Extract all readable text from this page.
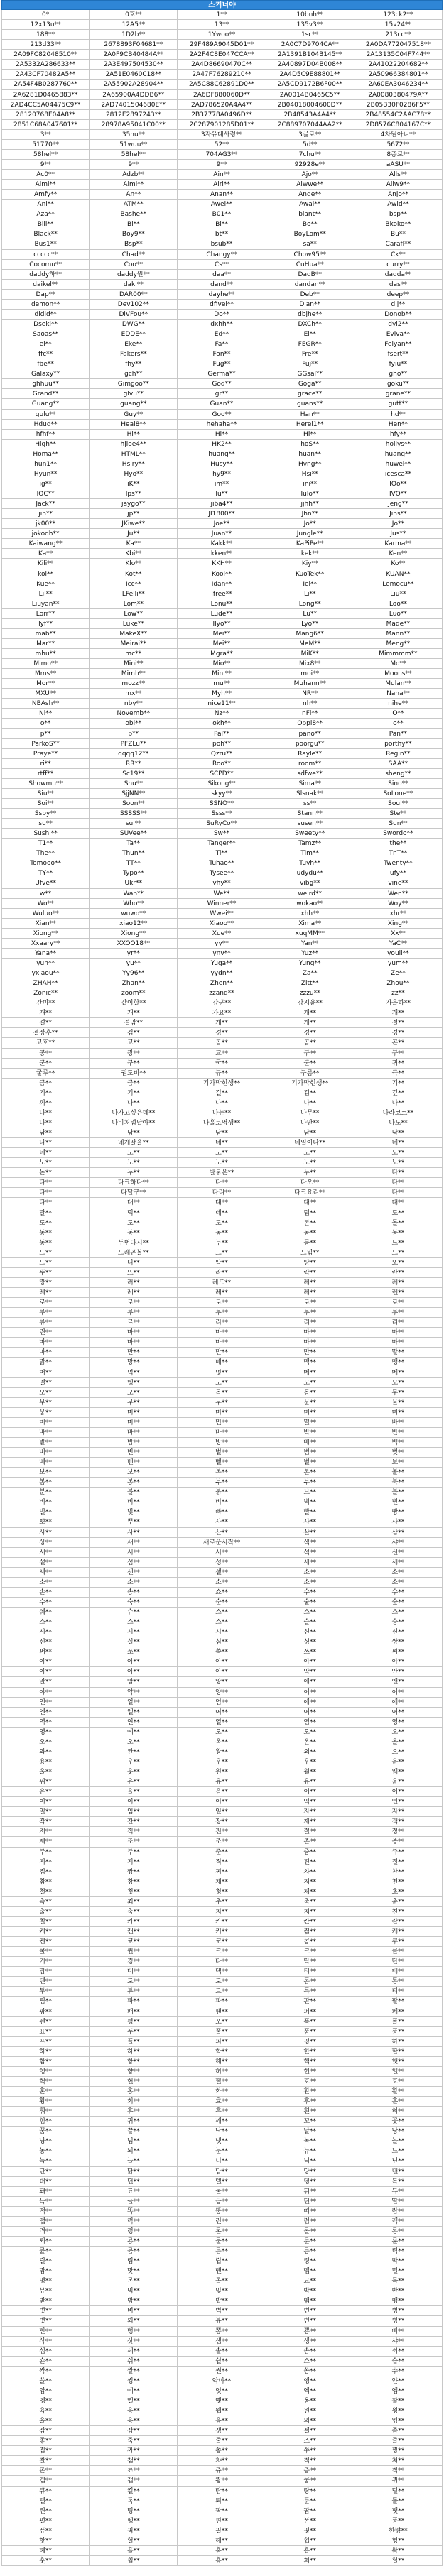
스커너야
0*	0호**	1**	10bnh**	123ck2**
12x13u**	12A5**	13**	135v3**	15v24**
188**	1D2b**	1Ywoo**	1sc**	213cc**
213d33**	2678893F04681**	29F489A9045D01**	2A0C7D9704CA**	2A0DA772047518**
2A09FC82048510**	2A0F9CB40484A**	2A2F4C8E047CCA**	2A1391B104B145**	2A13135C04F744**
2A5332A286633**	2A3E497504530**	2A4D86690470C**	2A40897D04B008**	2A41022204682**
2A43CF70482A5**	2A51E0460C18**	2A47F76289210**	2A4D5C9E88801**	2A50966384801**
2A54F4B0287760**	2A55902A28904**	2A5C88C62891D0**	2A5CD9172B6F00**	2A60EA3046234**
2A6281D0465883**	2A65900A4DDB6**	2A6DF880060D**	2A0014B0465C5**	2A0080380479A**
2AD4CC5A04475C9**	2AD7401504680E**	2AD786520A4A4**	2B04018004600D**	2B05B30F0286F5**
28120768E04A8**	2812E2897243**	2B37778A0496D**	2B48543A4A4**	2B48554C2AAC78**
2851C68A047601**	28978A95041C00**	2C287901285D01**	2C889707044AA2**	2D8576C804167C**
3**	35hu**	3자유대사령**	3글로**	4차원아니**
51770**	51wuu**	52**	5d**	5672**
58hel**	58hel**	704AG3**	7chu**	8층로**
9**	9**	9**	92928e**	aASU**
Ac0**	Adzb**	Ain**	Ajo**	Alls**
Almi**	Almi**	Alri**	Aiwwe**	Allw9**
Amfy**	An**	Anan**	Ande**	Anjo**
Ani**	ATM**	Awei**	Awai**	Awld**
Aza**	Bashe**	B01**	biant**	bsp**
Bili**	Bi**	Bl**	Bo**	Bkoko**
Black**	Boy9**	bt**	BoyLom**	Bu**
Bus1**	Bsp**	bsub**	sa**	Carafl**
ccccc**	Chad**	Changy**	Chow95**	Ck**
Cocomu**	Coo**	Cs**	CuHua**	curry**
daddy하**	daddy원**	daa**	DadB**	dadda**
daikel**	dakl**	dand**	dandan**	das**
Dap**	DAR00**	dayhe**	Deb**	deep**
demon**	Dev102**	dfivel**	Dian**	dij**
didid**	DiVFou**	Do**	dbjhe**	Donob**
Dseki**	DWG**	dxhh**	DXCh**	dyi2**
Saoas**	EDDE**	Ed**	El**	Eviva**
ei**	Eke**	Fa**	FEGR**	Feiyan**
ffc**	Fakers**	Fon**	Fre**	fsert**
fbe**	fhy**	Fug**	Fuj**	fyiu**
Galaxy**	gch**	Germa**	GGsal**	gho**
ghhuu**	Gimgoo**	God**	Goga**	goku**
Grand**	glvu**	gr**	grace**	grane**
Guang**	guang**	Guan**	guans**	gutt**
gulu**	Guy**	Goo**	Han**	hd**
Hdud**	Heal8**	hehaha**	Herel1**	Hen**
hfhf**	Hi**	Hl**	Hi**	hfy**
High**	hjioe4**	HK2**	hoS**	hollys**
Homa**	HTML**	huang**	huan**	huang**
hun1**	Hsiry**	Husy**	Hvng**	huwei**
Hyun**	Hyo**	hy9**	Hsi**	icesca**
ig**	iK**	im**	ini**	IOo**
IOC**	Ips**	Iu**	Iulo**	IVO**
Jack**	jaygo**	jiba4**	jjhh**	Jeng**
jin**	jp**	JI1800**	Jhn**	Jins**
jk00**	JKiwe**	Joe**	Jo**	Jo**
jokodh**	Ju**	Juan**	Jungle**	Jus**
Kaiwang**	Ka**	Kakk**	KaPiPe**	Karma**
Ka**	Kbi**	kken**	kek**	Ken**
Kili**	Klo**	KKH**	Kiy**	Ko**
kol**	Kot**	Kool**	KuoTek**	KUAN**
Kue**	Icc**	Idan**	Iei**	Lemocu**
Lil**	LFelli**	Ifree**	Li**	Liu**
Liuyan**	Lom**	Lonu**	Long**	Loo**
Lorr**	Low**	Lude**	Lu**	Luo**
lyf**	Luke**	Ilyo**	Lyo**	Made**
mab**	MakeX**	Mei**	Mang6**	Mann**
Mar**	Meirai**	Mei**	MeM**	Meng**
mhu**	mc**	Mgra**	MiK**	Mimmmm**
Mimo**	Mini**	Mio**	Mix8**	Mo**
Mms**	Mimh**	Mini**	moi**	Moons**
Mor**	mozz**	mu**	Muhann**	Mulan**
MXU**	mx**	Myh**	NR**	Nana**
NBAsh**	nby**	nice11**	nh**	nihe**
Ni**	Novemb**	Nz**	nFl**	O**
o**	obi**	okh**	Oppi8**	o**
p**	p**	Pal**	pano**	Pan**
ParkoS**	PFZLu**	poh**	poorgu**	porthy**
Praye**	qqqq12**	Qzru**	Rayle**	Regin**
ri**	RR**	Roo**	room**	SAA**
rtff**	Sc19**	SCPD**	sdfwe**	sheng**
Showmu**	Shu**	Sikong**	Sima**	Sino**
Siu**	SjjNN**	skyy**	Slsnak**	SoLone**
Soi**	Soon**	SSNO**	ss**	Soul**
Sspy**	SSSSS**	Ssss**	Stann**	Ste**
su**	sui**	SuRyCo**	susen**	Sun**
Sushi**	SUVee**	Sw**	Sweety**	Swordo**
T1**	Ta**	Tanger**	Tamz**	the**
The**	Thun**	Ti**	Tim**	TnT**
Tomooo**	TT**	Tuhao**	Tuvh**	Twenty**
TY**	Typo**	Tysee**	udydu**	ufy**
Ufve**	Ukr**	vhy**	vibg**	vine**
w**	Wan**	We**	weird**	Wen**
Wo**	Who**	Winner**	wokao**	Woy**
Wuluo**	wuwo**	Wwei**	xhh**	xhr**
Xian**	xiao12**	Xiaoo**	Xima**	Xing**
Xiong**	Xiong**	Xue**	xuqMM**	Xx**
Xxaary**	XXOO18**	yy**	Yan**	YaC**
Yana**	yr**	ynv**	Yuz**	youli**
yun**	yu**	Yuga**	Yung**	yum**
yxiaou**	Yy96**	yydn**	Za**	Ze**
ZHAH**	Zhan**	Zhen**	Zitt**	Zhou**
Zonic**	zoom**	zzand**	zzzu**	zz**
간미**	같이할**	강군**	강지윤**	가을하**
개**	개**	가요**	개**	개**
걸**	걸맘**	개**	개**	결**
결장후**	검**	경**	경**	경**
고호**	고**	곰**	곰**	곤**
공**	광**	교**	구**	구**
군**	구**	국**	군**	귀**
굴루**	권도비**	규**	구름**	극**
금**	금**	기가막힌생**	기가막힌생**	기**
기**	기**	길**	김**	깊**
끼**	나**	나**	나**	나**
나**	나가고싶은데**	나는**	나무**	나라코코**
나**	나비처럼날아**	나홀로영생**	나만**	나노**
남**	남**	남**	남**	남**
나**	네게딸을**	네**	네일이다**	네**
네**	노**	노**	노**	노**
노**	노**	노**	노**	노**
논**	누**	발붉은**	누**	다**
다**	다크하다**	다**	다오**	다**
다**	다달구**	다리**	다크요리**	다**
다**	대**	대**	대**	대**
달**	덕**	데**	덤**	도**
도**	도**	도**	돈**	돌**
동**	동**	동**	동**	동**
동**	두번다시**	두**	둥**	드**
드**	드래곤볼**	드**	드림**	드**
드**	디**	딱**	땅**	또**
뚜**	뜨**	라**	락**	란**
랑**	러**	레드**	레**	레**
레**	레**	레**	레**	렌**
로**	로**	로**	로**	로**
루**	루**	루**	루**	루**
류**	르**	리**	리**	리**
린**	마**	마**	마**	마**
마**	마**	마**	마**	마**
마**	만**	만**	만**	말**
맑**	망**	매**	맥**	맹**
머**	먹**	멋**	메**	메**
멜**	멩**	모**	모**	모**
모**	모**	목**	몽**	무**
무**	무**	무**	문**	물**
뭉**	미**	미**	미**	미**
미**	미**	민**	밀**	바**
바**	바**	바**	박**	반**
발**	밤**	방**	배**	백**
버**	번**	벌**	범**	벚**
베**	벤**	벨**	별**	보**
보**	보**	복**	본**	볼**
봄**	봉**	부**	부**	북**
분**	불**	붉**	브**	블**
비**	비**	비**	빅**	빈**
빌**	빛**	빠**	빨**	빵**
뽀**	뿌**	사**	사**	사**
사**	사**	산**	살**	삼**
상**	새**	새로운시작**	색**	샤**
서**	서**	서**	석**	선**
설**	섬**	성**	세**	세**
세**	센**	셀**	소**	소**
소**	소**	소**	소**	소**
손**	송**	쇼**	수**	수**
수**	숙**	순**	술**	숲**
쉐**	슈**	스**	스**	스**
스**	스**	스**	슬**	승**
시**	시**	시**	신**	신**
신**	실**	심**	싱**	쌍**
써**	쏘**	쑥**	쓰**	씨**
아**	아**	아**	아**	아**
아**	아**	아**	악**	안**
알**	암**	앙**	애**	앤**
야**	약**	양**	어**	어**
언**	얼**	엄**	에**	에**
엔**	엘**	여**	여**	여**
역**	연**	열**	염**	영**
영**	예**	오**	오**	오**
오**	오**	옥**	온**	올**
와**	완**	왕**	외**	요**
용**	우**	우**	우**	운**
울**	웃**	원**	월**	웨**
위**	유**	유**	유**	윤**
은**	을**	음**	이**	이**
이**	이**	이**	익**	인**
일**	임**	잎**	자**	자**
작**	잔**	장**	재**	잭**
저**	적**	전**	절**	정**
제**	조**	조**	존**	종**
주**	주**	준**	중**	쥬**
지**	지**	직**	진**	질**
집**	짱**	찌**	차**	찬**
참**	창**	채**	처**	천**
철**	첫**	청**	체**	초**
촉**	최**	추**	축**	춘**
출**	춤**	치**	치**	친**
칠**	카**	카**	칸**	칼**
캐**	캔**	커**	컴**	케**
켄**	코**	코**	콩**	쿠**
쿨**	퀸**	크**	크**	클**
키**	킹**	타**	탁**	탄**
탑**	태**	택**	터**	테**
텐**	토**	토**	톰**	통**
투**	튜**	트**	특**	티**
팀**	파**	파**	판**	팔**
팡**	패**	팬**	퍼**	페**
펜**	평**	포**	폭**	폴**
표**	푸**	풀**	품**	풍**
프**	플**	피**	핑**	하**
하**	하**	학**	한**	할**
함**	항**	해**	핵**	햇**
행**	향**	허**	헌**	헬**
혁**	현**	혈**	호**	호**
혼**	홍**	화**	환**	활**
황**	회**	효**	후**	훈**
휘**	휴**	흑**	흰**	히**
힘**	귀**	깨**	꼬**	꽃**
꿈**	끝**	낙**	날**	낭**
냥**	넘**	넷**	녹**	놀**
농**	뇌**	눈**	뉴**	느**
늑**	늘**	니**	닉**	닌**
단**	닭**	담**	당**	댄**
더**	던**	델**	뎅**	독**
돼**	됴**	둘**	뒤**	듀**
득**	들**	등**	딘**	딸**
떡**	똑**	뚱**	띠**	람**
랩**	럭**	런**	럼**	렉**
려**	령**	론**	롤**	롱**
뢰**	룡**	룰**	룬**	륜**
률**	륨**	름**	릉**	릭**
릴**	림**	립**	링**	막**
맘**	맛**	맨**	맵**	멀**
명**	몬**	몰**	묘**	묵**
뮤**	믹**	및**	박**	반**
받**	밥**	밭**	뱀**	뱅**
벗**	벼**	벽**	변**	병**
볏**	뵈**	뷰**	빈**	빙**
빤**	뻥**	뽕**	뿅**	삐**
삭**	삿**	샘**	생**	샤**
섭**	셰**	솔**	솜**	쇠**
숀**	쉬**	쉴**	스**	습**
싹**	쌀**	썬**	쏭**	쑤**
쓸**	씽**	악마**	앵**	얀**
얍**	얘**	엇**	엑**	엠**
엥**	옐**	옛**	옹**	왈**
욕**	웅**	웹**	윈**	윙**
율**	융**	응**	의**	잉**
잠**	잡**	쟁**	젤**	좀**
좋**	죽**	줄**	즈**	즐**
짐**	짜**	쫑**	쭈**	찡**
찰**	챔**	챠**	척**	쳐**
촌**	쵸**	츄**	층**	칙**
캠**	캡**	쾅**	쿵**	퀴**
큐**	킬**	탐**	탕**	털**
텔**	톡**	퇴**	툰**	튤**
틴**	팅**	팍**	팝**	팻**
펄**	펭**	편**	폰**	퐁**
퓨**	픽**	필**	핏**	한량**
핫**	헐**	헤**	협**	형**
혜**	홀**	홈**	홉**	확**
훗**	훨**	흥**	희**	힐**
